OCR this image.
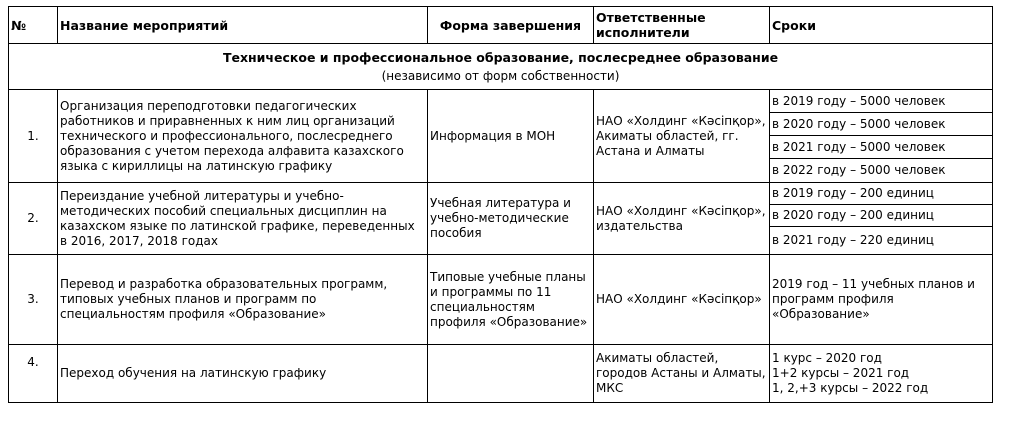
№	Название мероприятий	Форма завершения	Ответственные исполнители	Сроки

Техническое и профессиональное образование, послесреднее образование
(независимо от форм собственности)				

1.	Организация переподготовки педагогических работников и приравненных к ним лиц организаций технического и профессионального, послесреднего образования с учетом перехода алфавита казахского языка с кириллицы на латинскую графику	Информация в МОН	НАО «Холдинг «Кәсіпқор», Акиматы областей, гг. Астана и Алматы	в 2019 году – 5000 человек
				в 2020 году – 5000 человек
				в 2021 году – 5000 человек
				в 2022 году – 5000 человек
2.	Переиздание учебной литературы и учебно-методических пособий специальных дисциплин на казахском языке по латинской графике, переведенных в 2016, 2017, 2018 годах	Учебная литература и учебно-методические пособия	НАО «Холдинг «Кәсіпқор», издательства	в 2019 году – 200 единиц
				в 2020 году – 200 единиц
				в 2021 году – 220 единиц
3.	Перевод и разработка образовательных программ, типовых учебных планов и программ по специальностям профиля «Образование»	Типовые учебные планы и программы по 11 специальностям профиля «Образование»	НАО «Холдинг «Кәсіпқор»	2019 год – 11 учебных планов и программ профиля «Образование»
4.	Переход обучения на латинскую графику		Акиматы областей, городов Астаны и Алматы, МКС	1 курс – 2020 год
1+2 курсы – 2021 год
1, 2,+3 курсы – 2022 год
